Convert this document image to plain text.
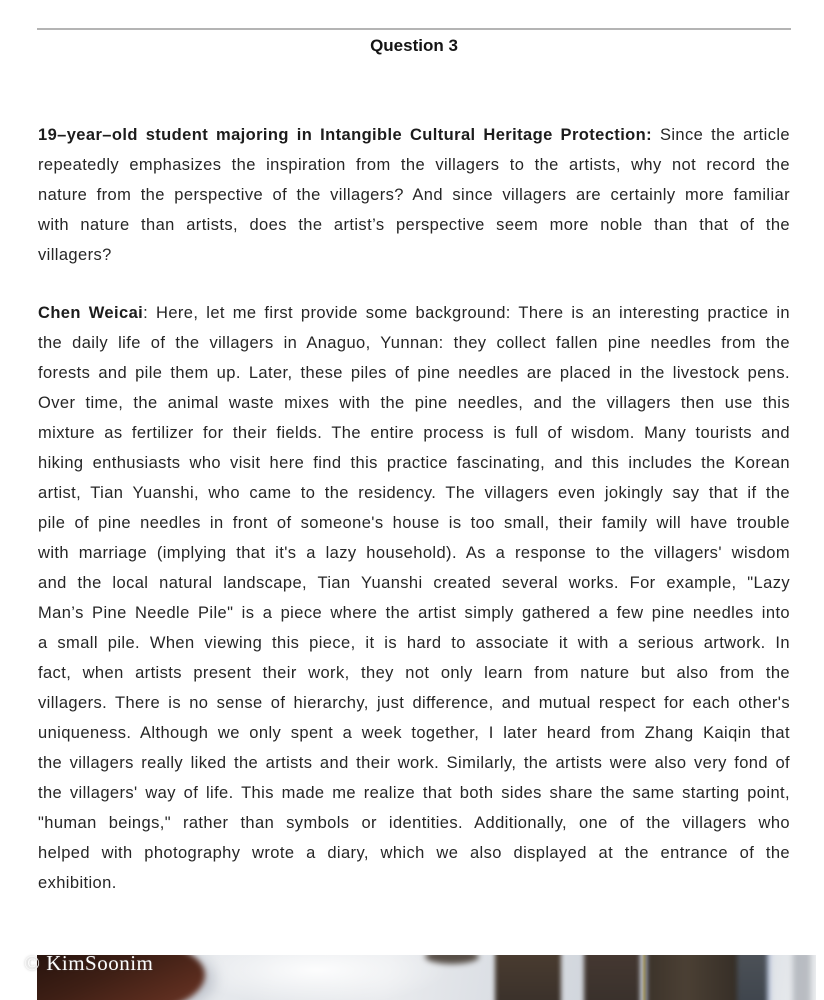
Question 3

19–year–old student majoring in Intangible Cultural Heritage Protection: Since the article repeatedly emphasizes the inspiration from the villagers to the artists, why not record the nature from the perspective of the villagers? And since villagers are certainly more familiar with nature than artists, does the artist’s perspective seem more noble than that of the villagers?

Chen Weicai: Here, let me first provide some background: There is an interesting practice in the daily life of the villagers in Anaguo, Yunnan: they collect fallen pine needles from the forests and pile them up. Later, these piles of pine needles are placed in the livestock pens. Over time, the animal waste mixes with the pine needles, and the villagers then use this mixture as fertilizer for their fields. The entire process is full of wisdom. Many tourists and hiking enthusiasts who visit here find this practice fascinating, and this includes the Korean artist, Tian Yuanshi, who came to the residency. The villagers even jokingly say that if the pile of pine needles in front of someone's house is too small, their family will have trouble with marriage (implying that it's a lazy household). As a response to the villagers' wisdom and the local natural landscape, Tian Yuanshi created several works. For example, "Lazy Man’s Pine Needle Pile" is a piece where the artist simply gathered a few pine needles into a small pile. When viewing this piece, it is hard to associate it with a serious artwork. In fact, when artists present their work, they not only learn from nature but also from the villagers. There is no sense of hierarchy, just difference, and mutual respect for each other's uniqueness. Although we only spent a week together, I later heard from Zhang Kaiqin that the villagers really liked the artists and their work. Similarly, the artists were also very fond of the villagers' way of life. This made me realize that both sides share the same starting point, "human beings," rather than symbols or identities. Additionally, one of the villagers who helped with photography wrote a diary, which we also displayed at the entrance of the exhibition.

© KimSoonim
